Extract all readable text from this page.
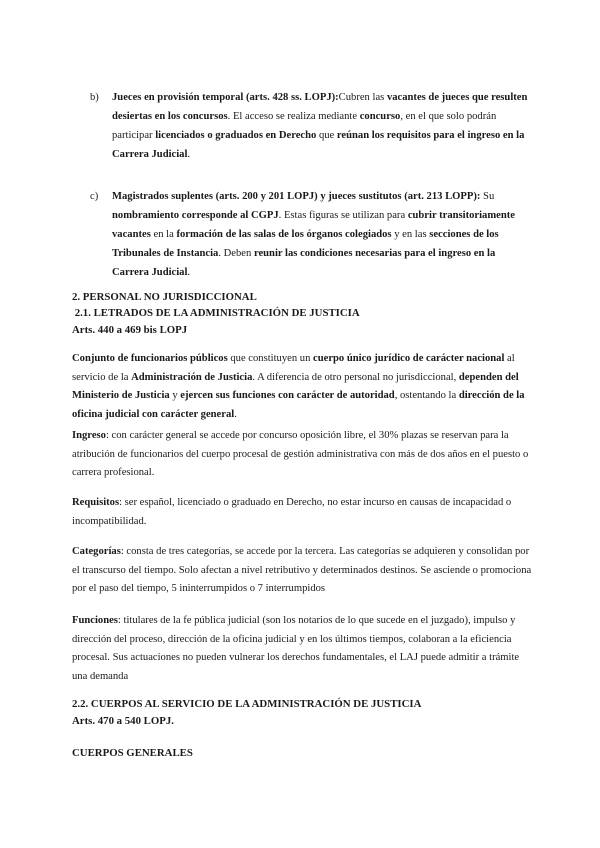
b) Jueces en provisión temporal (arts. 428 ss. LOPJ):Cubren las vacantes de jueces que resulten desiertas en los concursos. El acceso se realiza mediante concurso, en el que solo podrán participar licenciados o graduados en Derecho que reúnan los requisitos para el ingreso en la Carrera Judicial.
c) Magistrados suplentes (arts. 200 y 201 LOPJ) y jueces sustitutos (art. 213 LOPP): Su nombramiento corresponde al CGPJ. Estas figuras se utilizan para cubrir transitoriamente vacantes en la formación de las salas de los órganos colegiados y en las secciones de los Tribunales de Instancia. Deben reunir las condiciones necesarias para el ingreso en la Carrera Judicial.
2. PERSONAL NO JURISDICCIONAL
2.1. LETRADOS DE LA ADMINISTRACIÓN DE JUSTICIA
Arts. 440 a 469 bis LOPJ
Conjunto de funcionarios públicos que constituyen un cuerpo único jurídico de carácter nacional al servicio de la Administración de Justicia. A diferencia de otro personal no jurisdiccional, dependen del Ministerio de Justicia y ejercen sus funciones con carácter de autoridad, ostentando la dirección de la oficina judicial con carácter general.
Ingreso: con carácter general se accede por concurso oposición libre, el 30% plazas se reservan para la atribución de funcionarios del cuerpo procesal de gestión administrativa con más de dos años en el puesto o carrera profesional.
Requisitos: ser español, licenciado o graduado en Derecho, no estar incurso en causas de incapacidad o incompatibilidad.
Categorías: consta de tres categorías, se accede por la tercera. Las categorías se adquieren y consolidan por el transcurso del tiempo. Solo afectan a nivel retributivo y determinados destinos. Se asciende o promociona por el paso del tiempo, 5 ininterrumpidos o 7 interrumpidos
Funciones: titulares de la fe pública judicial (son los notarios de lo que sucede en el juzgado), impulso y dirección del proceso, dirección de la oficina judicial y en los últimos tiempos, colaboran a la eficiencia procesal. Sus actuaciones no pueden vulnerar los derechos fundamentales, el LAJ puede admitir a trámite una demanda
2.2. CUERPOS AL SERVICIO DE LA ADMINISTRACIÓN DE JUSTICIA
Arts. 470 a 540 LOPJ.
CUERPOS GENERALES
